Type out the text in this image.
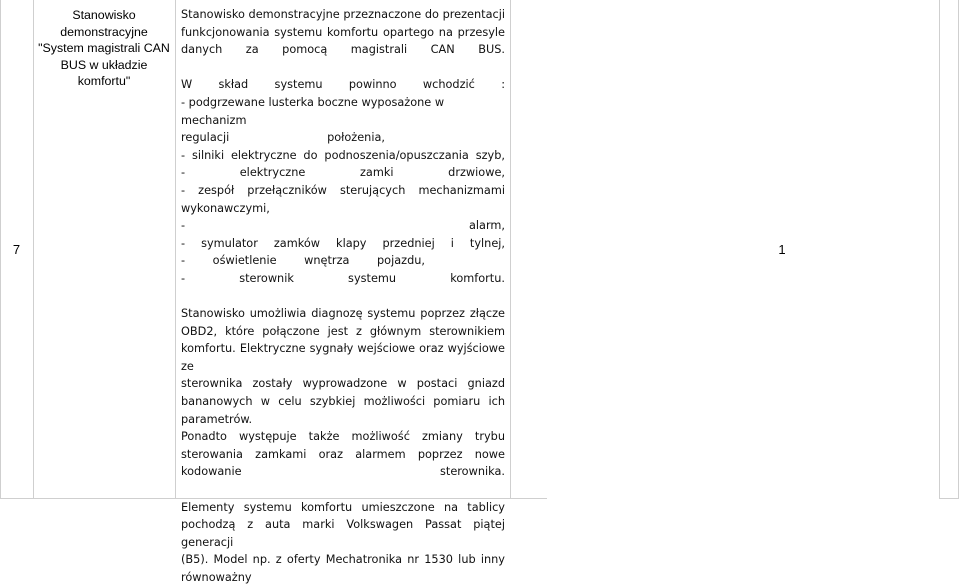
7
Stanowisko demonstracyjne "System magistrali CAN BUS w układzie komfortu"

Stanowisko demonstracyjne przeznaczone do prezentacji

funkcjonowania systemu komfortu opartego na przesyle

danych za pomocą magistrali CAN BUS.

W skład systemu powinno wchodzić :

- podgrzewane lusterka boczne wyposażone w mechanizm

regulacji położenia,

- silniki elektryczne do podnoszenia/opuszczania szyb,

- elektryczne zamki drzwiowe,

- zespół przełączników sterujących mechanizmami

wykonawczymi,

- alarm,

- symulator zamków klapy przedniej i tylnej,

- oświetlenie wnętrza pojazdu,

- sterownik systemu komfortu.

Stanowisko umożliwia diagnozę systemu poprzez złącze

OBD2, które połączone jest z głównym sterownikiem

komfortu. Elektryczne sygnały wejściowe oraz wyjściowe ze

sterownika zostały wyprowadzone w postaci gniazd

bananowych w celu szybkiej możliwości pomiaru ich

parametrów.

Ponadto występuje także możliwość zmiany trybu

sterowania zamkami oraz alarmem poprzez nowe

kodowanie sterownika.

Elementy systemu komfortu umieszczone na tablicy

pochodzą z auta marki Volkswagen Passat piątej generacji

(B5). Model np. z oferty Mechatronika nr 1530 lub inny

równoważny

1
